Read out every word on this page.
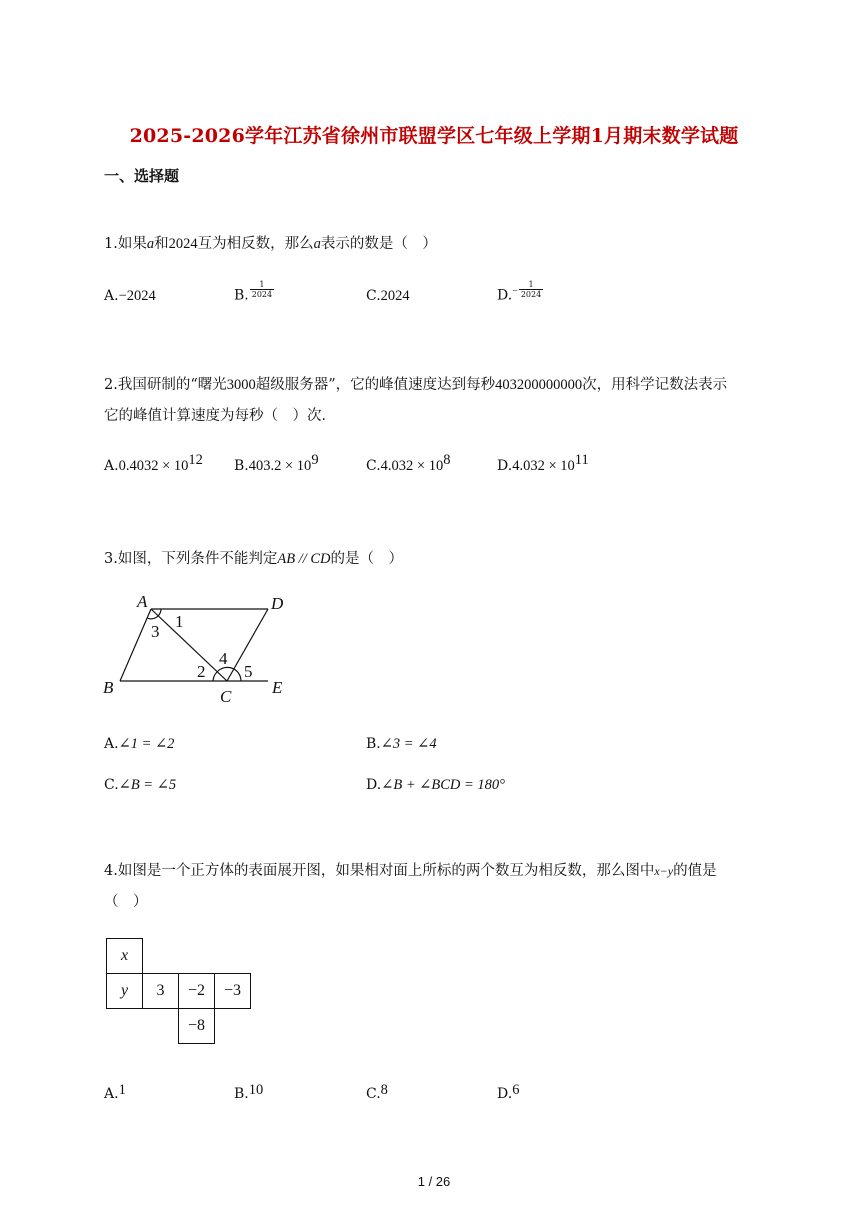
2025-2026学年江苏省徐州市联盟学区七年级上学期1月期末数学试题
一、选择题
1.如果a和2024互为相反数，那么a表示的数是（　）
A.−2024	B. $\frac{1}{2024}$	C.2024	$D.- \frac{1}{2024}$
2.我国研制的“曙光3000超级服务器”，它的峰值速度达到每秒403200000000次，用科学记数法表示
它的峰值计算速度为每秒（　）次．
$A.0.4032 \times 10^{12}$ $B.403.2 \times 10^9$	$C.4.032 \times 10^8$	$D.4.032 \times 10^{11}$
3.如图，下列条件不能判定AB // CD的是（　）
A	D
B	C E
1
2
3
4
5
A.∠1 = ∠2	B.∠3 = ∠4
C.∠B = ∠5	D.∠B + ∠BCD = 180°
4.如图是一个正方体的表面展开图，如果相对面上所标的两个数互为相反数，那么图中x−y的值是
（　）
x			
y	3	−2	−3
		−8	
A.1	B.10	C.8	D.6
1 / 26
